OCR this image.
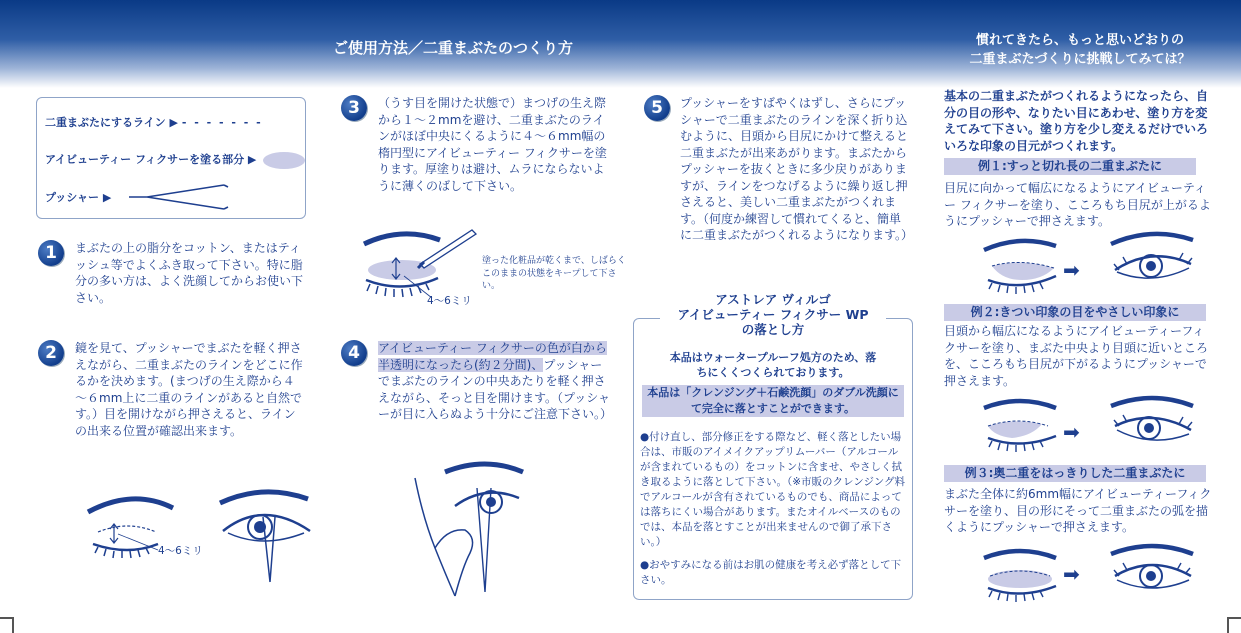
ご使用方法／二重まぶたのつくり方	慣れてきたら、もっと思いどおりの
二重まぶたづくりに挑戦してみては？
二重まぶたにするライン ▶ - - - - - - -
アイビューティー フィクサーを塗る部分 ▶
プッシャー ▶
1	まぶたの上の脂分をコットン、またはティッシュ等でよくふき取って下さい。特に脂分の多い方は、よく洗顔してからお使い下さい。
2	鏡を見て、プッシャーでまぶたを軽く押さえながら、二重まぶたのラインをどこに作るかを決めます。(まつげの生え際から４～６mm上に二重のラインがあると自然です。）目を開けながら押さえると、ラインの出来る位置が確認出来ます。
4～6ミリ
3	（うす目を開けた状態で）まつげの生え際から１～２mmを避け、二重まぶたのラインがほぼ中央にくるように４～６mm幅の楕円型にアイビューティー フィクサーを塗ります。厚塗りは避け、ムラにならないように薄くのばして下さい。
4～6ミリ
塗った化粧品が乾くまで、しばらくこのままの状態をキープして下さい。
4	アイビューティー フィクサーの色が白から半透明になったら(約２分間)、プッシャーでまぶたのラインの中央あたりを軽く押さえながら、そっと目を開けます。（プッシャーが目に入らぬよう十分にご注意下さい。）
5	プッシャーをすばやくはずし、さらにプッシャーで二重まぶたのラインを深く折り込むように、目頭から目尻にかけて整えると二重まぶたが出来あがります。まぶたからプッシャーを抜くときに多少戻りがありますが、ラインをつなげるように繰り返し押さえると、美しい二重まぶたがつくれます。（何度か練習して慣れてくると、簡単に二重まぶたがつくれるようになります。）
アストレア ヴィルゴ
アイビューティー フィクサー WP
の落とし方
本品はウォータープルーフ処方のため、落ちにくくつくられております。
本品は「クレンジング＋石鹸洗顔」のダブル洗顔にて完全に落とすことができます。
●付け直し、部分修正をする際など、軽く落としたい場合は、市販のアイメイクアップリムーバー（アルコールが含まれているもの）をコットンに含ませ、やさしく拭き取るように落として下さい。（※市販のクレンジング料でアルコールが含有されているものでも、商品によっては落ちにくい場合があります。またオイルベースのものでは、本品を落とすことが出来ませんので御了承下さい。）
●おやすみになる前はお肌の健康を考え必ず落として下さい。
基本の二重まぶたがつくれるようになったら、自分の目の形や、なりたい目にあわせ、塗り方を変えてみて下さい。塗り方を少し変えるだけでいろいろな印象の目元がつくれます。
例１:すっと切れ長の二重まぶたに
目尻に向かって幅広になるようにアイビューティー フィクサーを塗り、こころもち目尻が上がるようにプッシャーで押さえます。
例２:きつい印象の目をやさしい印象に
目頭から幅広になるようにアイビューティーフィクサーを塗り、まぶた中央より目頭に近いところを、こころもち目尻が下がるようにプッシャーで押さえます。
例３:奥二重をはっきりした二重まぶたに
まぶた全体に約6mm幅にアイビューティーフィクサーを塗り、目の形にそって二重まぶたの弧を描くようにプッシャーで押さえます。
➡
➡
➡
